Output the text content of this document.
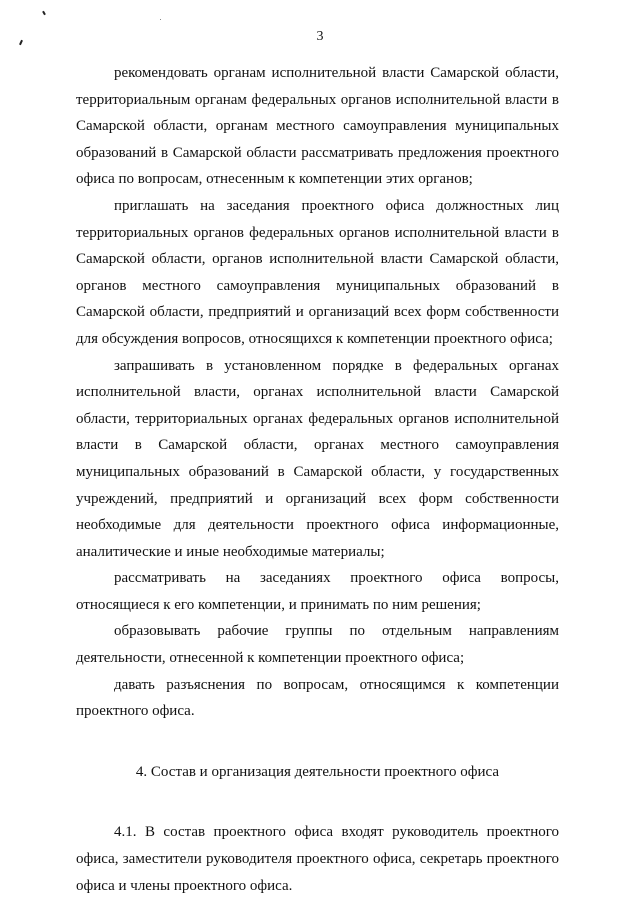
3

рекомендовать органам исполнительной власти Самарской области, территориальным органам федеральных органов исполнительной власти в Самарской области, органам местного самоуправления муниципальных образований в Самарской области рассматривать предложения проектного офиса по вопросам, отнесенным к компетенции этих органов;

приглашать на заседания проектного офиса должностных лиц территориальных органов федеральных органов исполнительной власти в Самарской области, органов исполнительной власти Самарской области, органов местного самоуправления муниципальных образований в Самарской области, предприятий и организаций всех форм собственности для обсуждения вопросов, относящихся к компетенции проектного офиса;

запрашивать в установленном порядке в федеральных органах исполнительной власти, органах исполнительной власти Самарской области, территориальных органах федеральных органов исполнительной власти в Самарской области, органах местного самоуправления муниципальных образований в Самарской области, у государственных учреждений, предприятий и организаций всех форм собственности необходимые для деятельности проектного офиса информационные, аналитические и иные необходимые материалы;

рассматривать на заседаниях проектного офиса вопросы, относящиеся к его компетенции, и принимать по ним решения;

образовывать рабочие группы по отдельным направлениям деятельности, отнесенной к компетенции проектного офиса;

давать разъяснения по вопросам, относящимся к компетенции проектного офиса.

4. Состав и организация деятельности проектного офиса

4.1. В состав проектного офиса входят руководитель проектного офиса, заместители руководителя проектного офиса, секретарь проектного офиса и члены проектного офиса.
